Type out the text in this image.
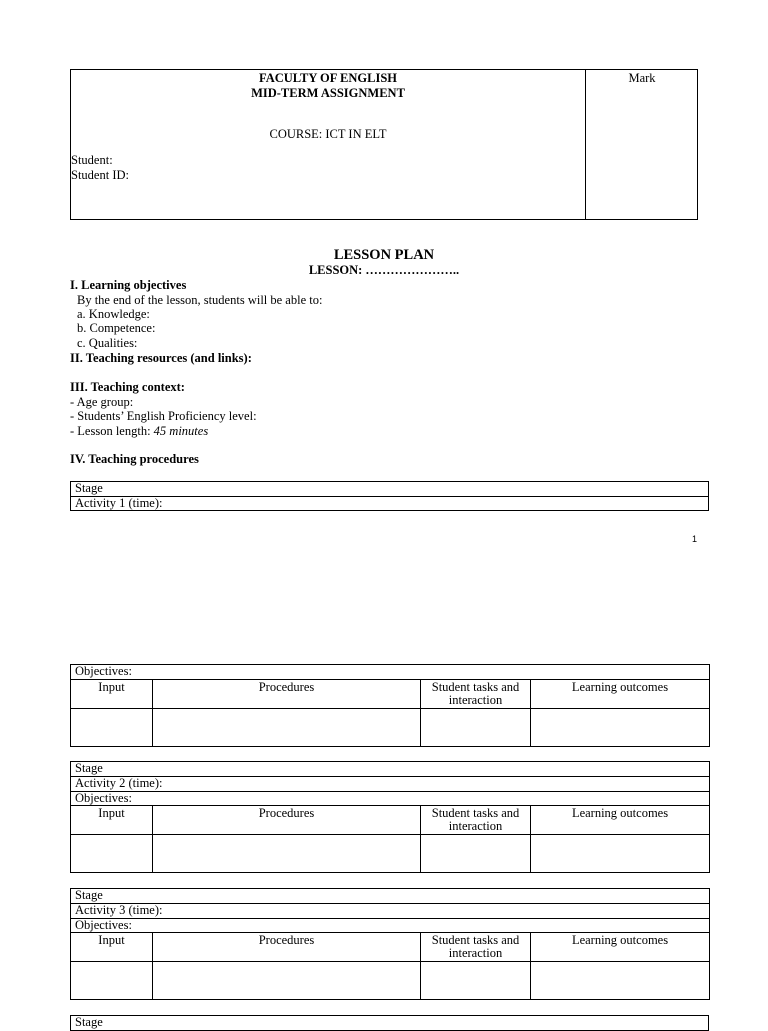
FACULTY OF ENGLISH
MID-TERM ASSIGNMENT
COURSE: ICT IN ELT
Student:
Student ID:
Mark
LESSON PLAN
LESSON: …………………..
I. Learning objectives
By the end of the lesson, students will be able to:
a. Knowledge:
b. Competence:
c. Qualities:
II. Teaching resources (and links):
III. Teaching context:
- Age group:
- Students’ English Proficiency level:
- Lesson length: 45 minutes
IV. Teaching procedures
Stage
Activity 1 (time):
1
Objectives:			
Input	Procedures	Student tasks and interaction	Learning outcomes

Stage			
Activity 2 (time):			
Objectives:			
Input	Procedures	Student tasks and interaction	Learning outcomes

Stage			
Activity 3 (time):			
Objectives:			
Input	Procedures	Student tasks and interaction	Learning outcomes

Stage
